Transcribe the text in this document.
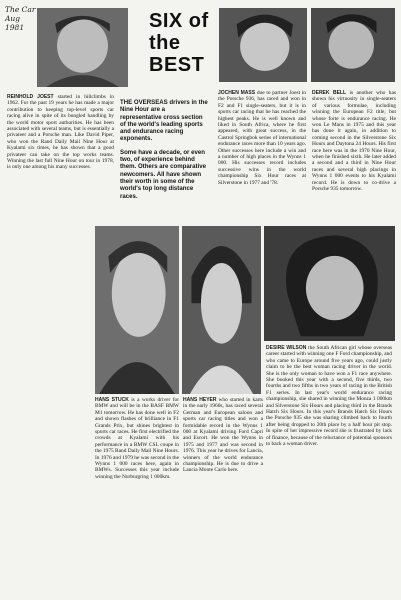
The Car Aug 1981	SIX of the BEST
REINHOLD JOEST started in hillclimbs in 1962. For the past 19 years he has made a major contribution to keeping top-level sports car racing alive in spite of its bungled handling by the world motor sport authorities. He has been associated with several teams, but is essentially a privateer and a Porsche man. Like David Piper, who won the Rand Daily Mail Nine Hour at Kyalami six times, he has shown that a good privateer can take on the top works teams. Winning the last full Nine Hour on tour in 1978, is only one among his many successes.

THE OVERSEAS drivers in the Nine Hour are a representative cross section of the world's leading sports and endurance racing exponents.

Some have a decade, or even two, of experience behind them. Others are comparative newcomers. All have shown their worth in some of the world's top long distance races.

JOCHEN MASS due to partner Joest in the Porsche 936, has raced and won in F2 and F1 single-seaters, but it is in sports car racing that he has reached the highest peaks. He is well known and liked in South Africa, where he first appeared, with great success, in the Castrol Springbok series of international endurance races more than 10 years ago. Other successes here include a win and a number of high places in the Wynns 1 000. His successes record includes successive wins in the world championship Six Hour races at Silverstone in 1977 and '78.
DEREK BELL is another who has shown his virtuosity in single-seaters of various formulae, including winning the European F2 title, but whose forte is endurance racing. He won Le Mans in 1975 and this year has done it again, in addition to coming second in the Silverstone Six Hours and Daytona 24 Hours. His first race here was in the 1970 Nine Hour, when he finished sixth. He later added a second and a third in Nine Hour races and several high placings in Wynns 1 000 events to his Kyalami record. He is down to co-drive a Porsche 935 tomorrow.
HANS STUCK is a works driver for BMW and will be in the BASF BMW M1 tomorrow. He has done well in F2 and shown flashes of brilliance in F1 Grands Prix, but shines brightest in sports car races. He first electrified the crowds at Kyalami with his performance in a BMW CSL coupe in the 1975 Rand Daily Mail Nine Hours. In 1976 and 1979 he was second in the Wynns 1 000 races here, again in BMWs. Successes this year include winning the Nurburgring 1 000km.
HANS HEYER who started in karts in the early 1960s, has raced several German and European saloon and sports car racing titles and won a formidable record in the Wynns 1 000 at Kyalami driving Ford Capri and Escort. He won the Wynns in 1975 and 1977 and was second in 1976. This year he drives for Lancia, winners of the world endurance championship. He is due to drive a Lancia Monte Carlo here.
DESIRE WILSON the South African girl whose overseas career started with winning one F Ford championship, and who came to Europe around five years ago, could justly claim to be the best woman racing driver in the world. She is the only woman to have won a F1 race anywhere. She booked this year with a second, five thirds, two fourths and two fifths in two years of racing in the British F1 series. In last year's world endurance racing championship, she shared in winning the Monza 1 000km and Silverstone Six Hours and placing third in the Brands Hatch Six Hours. In this year's Brands Hatch Six Hours the Porsche 935 she was sharing climbed back to fourth after being dropped to 20th place by a half hour pit stop. In spite of her impressive record she is frustrated by lack of finance, because of the reluctance of potential sponsors to back a woman driver.
